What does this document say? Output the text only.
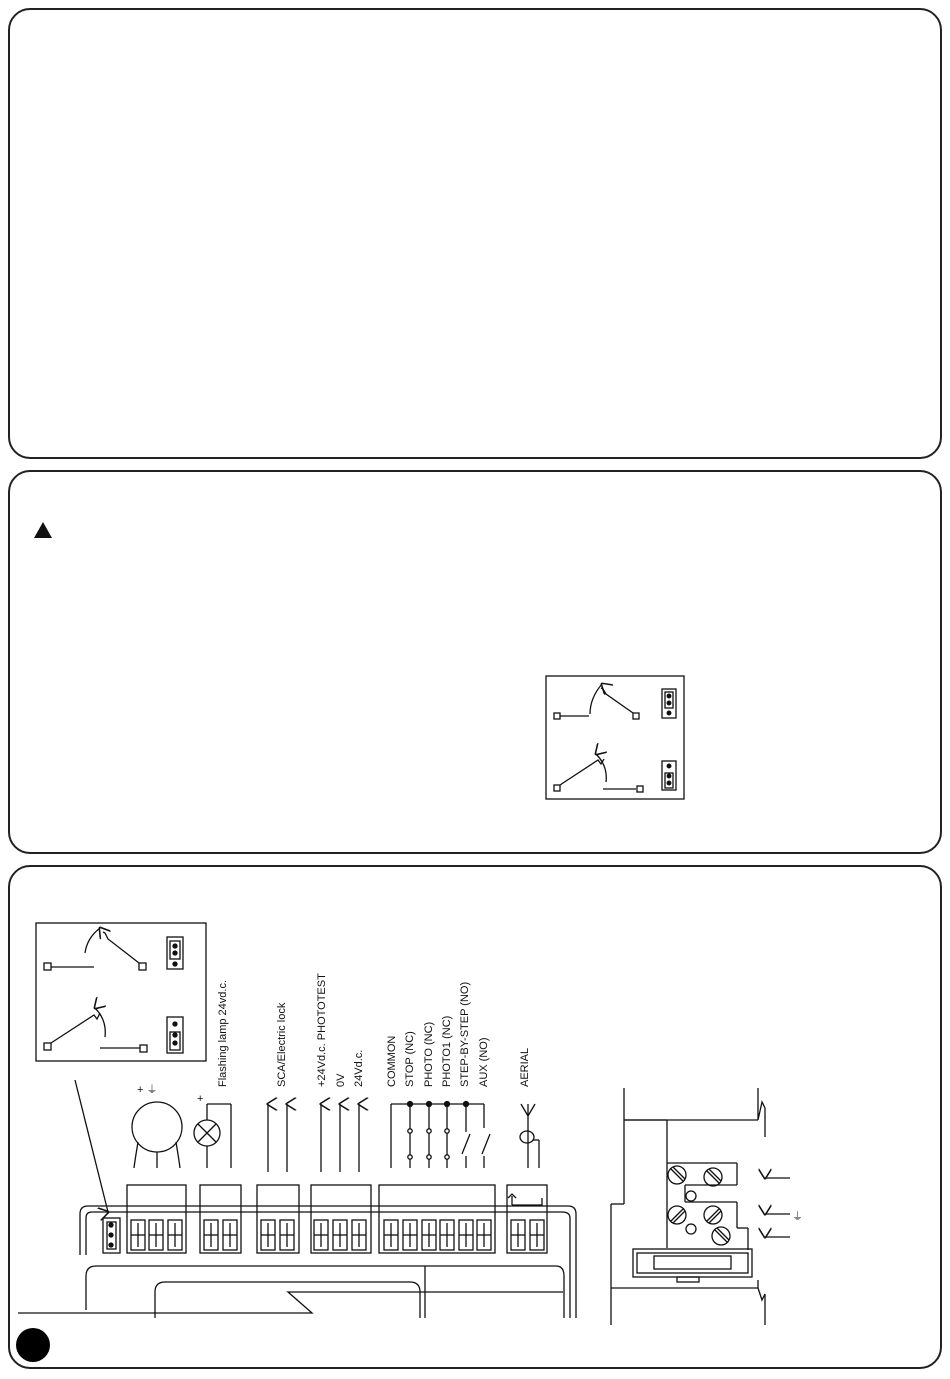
+ ⏚
+
⏚
Flashing lamp 24vd.c.	SCA/Electric lock	+24Vd.c. PHOTOTEST 0V 24Vd.c. COMMON STOP (NC) PHOTO (NC) PHOTO1 (NC) STEP-BY-STEP (NO) AUX (NO)	AERIAL
